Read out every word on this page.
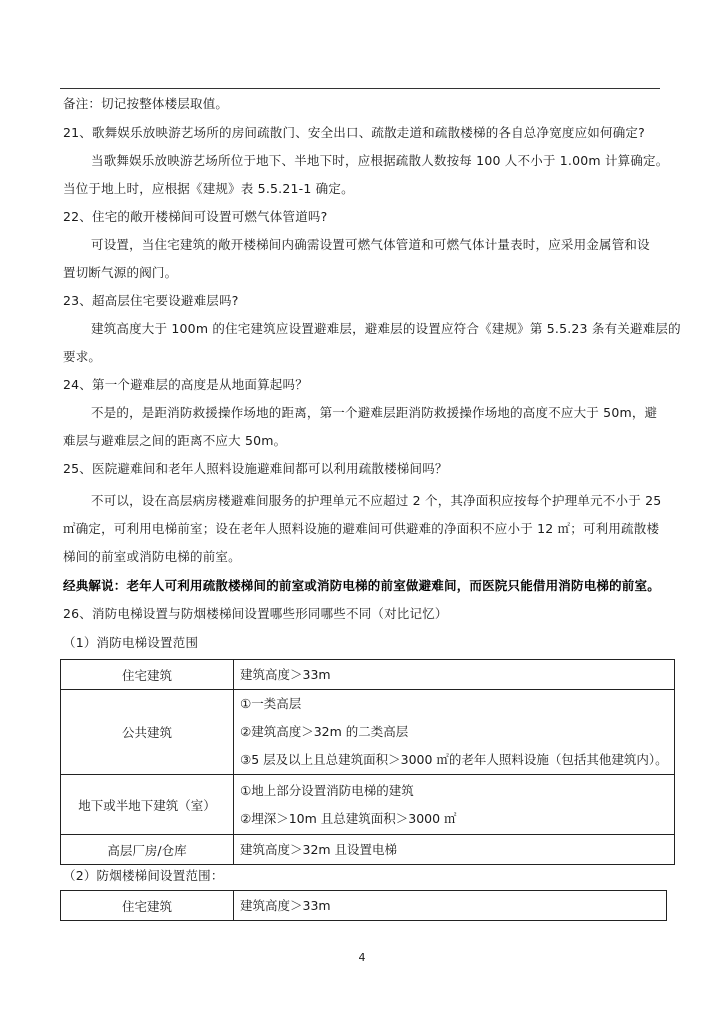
备注：切记按整体楼层取值。
21、歌舞娱乐放映游艺场所的房间疏散门、安全出口、疏散走道和疏散楼梯的各自总净宽度应如何确定?
当歌舞娱乐放映游艺场所位于地下、半地下时，应根据疏散人数按每 100 人不小于 1.00m 计算确定。
当位于地上时，应根据《建规》表 5.5.21-1 确定。
22、住宅的敞开楼梯间可设置可燃气体管道吗?
可设置，当住宅建筑的敞开楼梯间内确需设置可燃气体管道和可燃气体计量表时，应采用金属管和设
置切断气源的阀门。
23、超高层住宅要设避难层吗?
建筑高度大于 100m 的住宅建筑应设置避难层，避难层的设置应符合《建规》第 5.5.23 条有关避难层的
要求。
24、第一个避难层的高度是从地面算起吗？
不是的，是距消防救援操作场地的距离，第一个避难层距消防救援操作场地的高度不应大于 50m，避
难层与避难层之间的距离不应大 50m。
25、医院避难间和老年人照料设施避难间都可以利用疏散楼梯间吗？
不可以，设在高层病房楼避难间服务的护理单元不应超过 2 个，其净面积应按每个护理单元不小于 25
㎡确定，可利用电梯前室；设在老年人照料设施的避难间可供避难的净面积不应小于 12 ㎡；可利用疏散楼
梯间的前室或消防电梯的前室。
经典解说：老年人可利用疏散楼梯间的前室或消防电梯的前室做避难间，而医院只能借用消防电梯的前室。
26、消防电梯设置与防烟楼梯间设置哪些形同哪些不同（对比记忆）
（1）消防电梯设置范围
住宅建筑	建筑高度＞33m

公共建筑	①一类高层
②建筑高度＞32m 的二类高层
③5 层及以上且总建筑面积＞3000 ㎡的老年人照料设施（包括其他建筑内）。

地下或半地下建筑（室）	①地上部分设置消防电梯的建筑
②埋深＞10m 且总建筑面积＞3000 ㎡

高层厂房/仓库	建筑高度＞32m 且设置电梯
（2）防烟楼梯间设置范围：
住宅建筑	建筑高度＞33m
4
